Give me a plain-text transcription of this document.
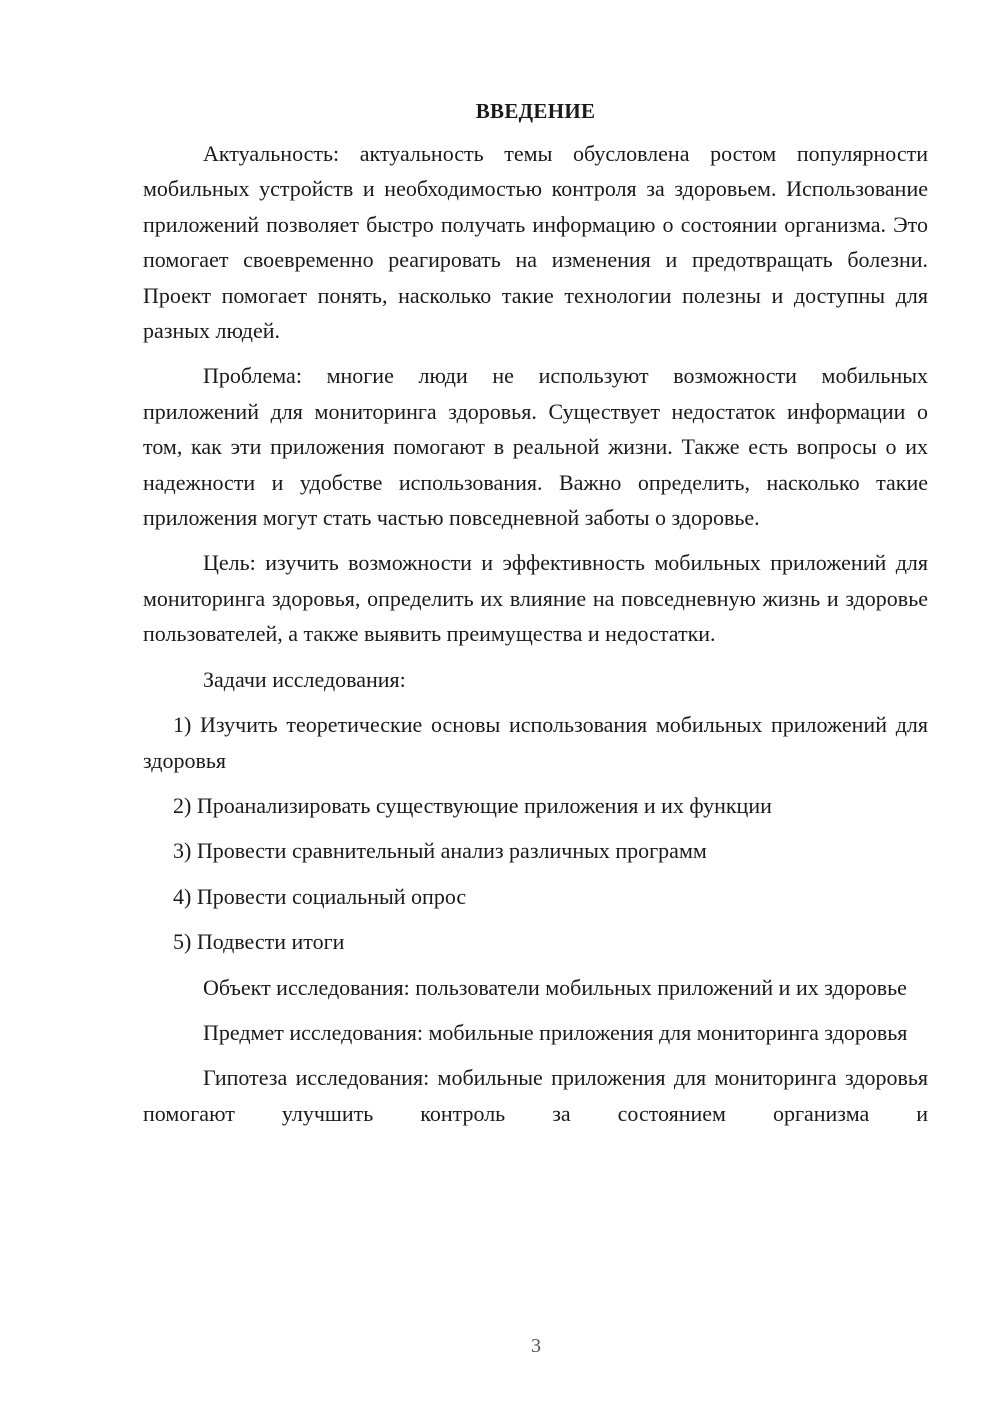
ВВЕДЕНИЕ

Актуальность: актуальность темы обусловлена ростом популярности мобильных устройств и необходимостью контроля за здоровьем. Использование приложений позволяет быстро получать информацию о состоянии организма. Это помогает своевременно реагировать на изменения и предотвращать болезни. Проект помогает понять, насколько такие технологии полезны и доступны для разных людей.

Проблема: многие люди не используют возможности мобильных приложений для мониторинга здоровья. Существует недостаток информации о том, как эти приложения помогают в реальной жизни. Также есть вопросы о их надежности и удобстве использования. Важно определить, насколько такие приложения могут стать частью повседневной заботы о здоровье.

Цель: изучить возможности и эффективность мобильных приложений для мониторинга здоровья, определить их влияние на повседневную жизнь и здоровье пользователей, а также выявить преимущества и недостатки.

Задачи исследования:

1) Изучить теоретические основы использования мобильных приложений для здоровья

2) Проанализировать существующие приложения и их функции

3) Провести сравнительный анализ различных программ

4) Провести социальный опрос

5) Подвести итоги

Объект исследования: пользователи мобильных приложений и их здоровье

Предмет исследования: мобильные приложения для мониторинга здоровья

Гипотеза исследования: мобильные приложения для мониторинга здоровья помогают улучшить контроль за состоянием организма и

3
